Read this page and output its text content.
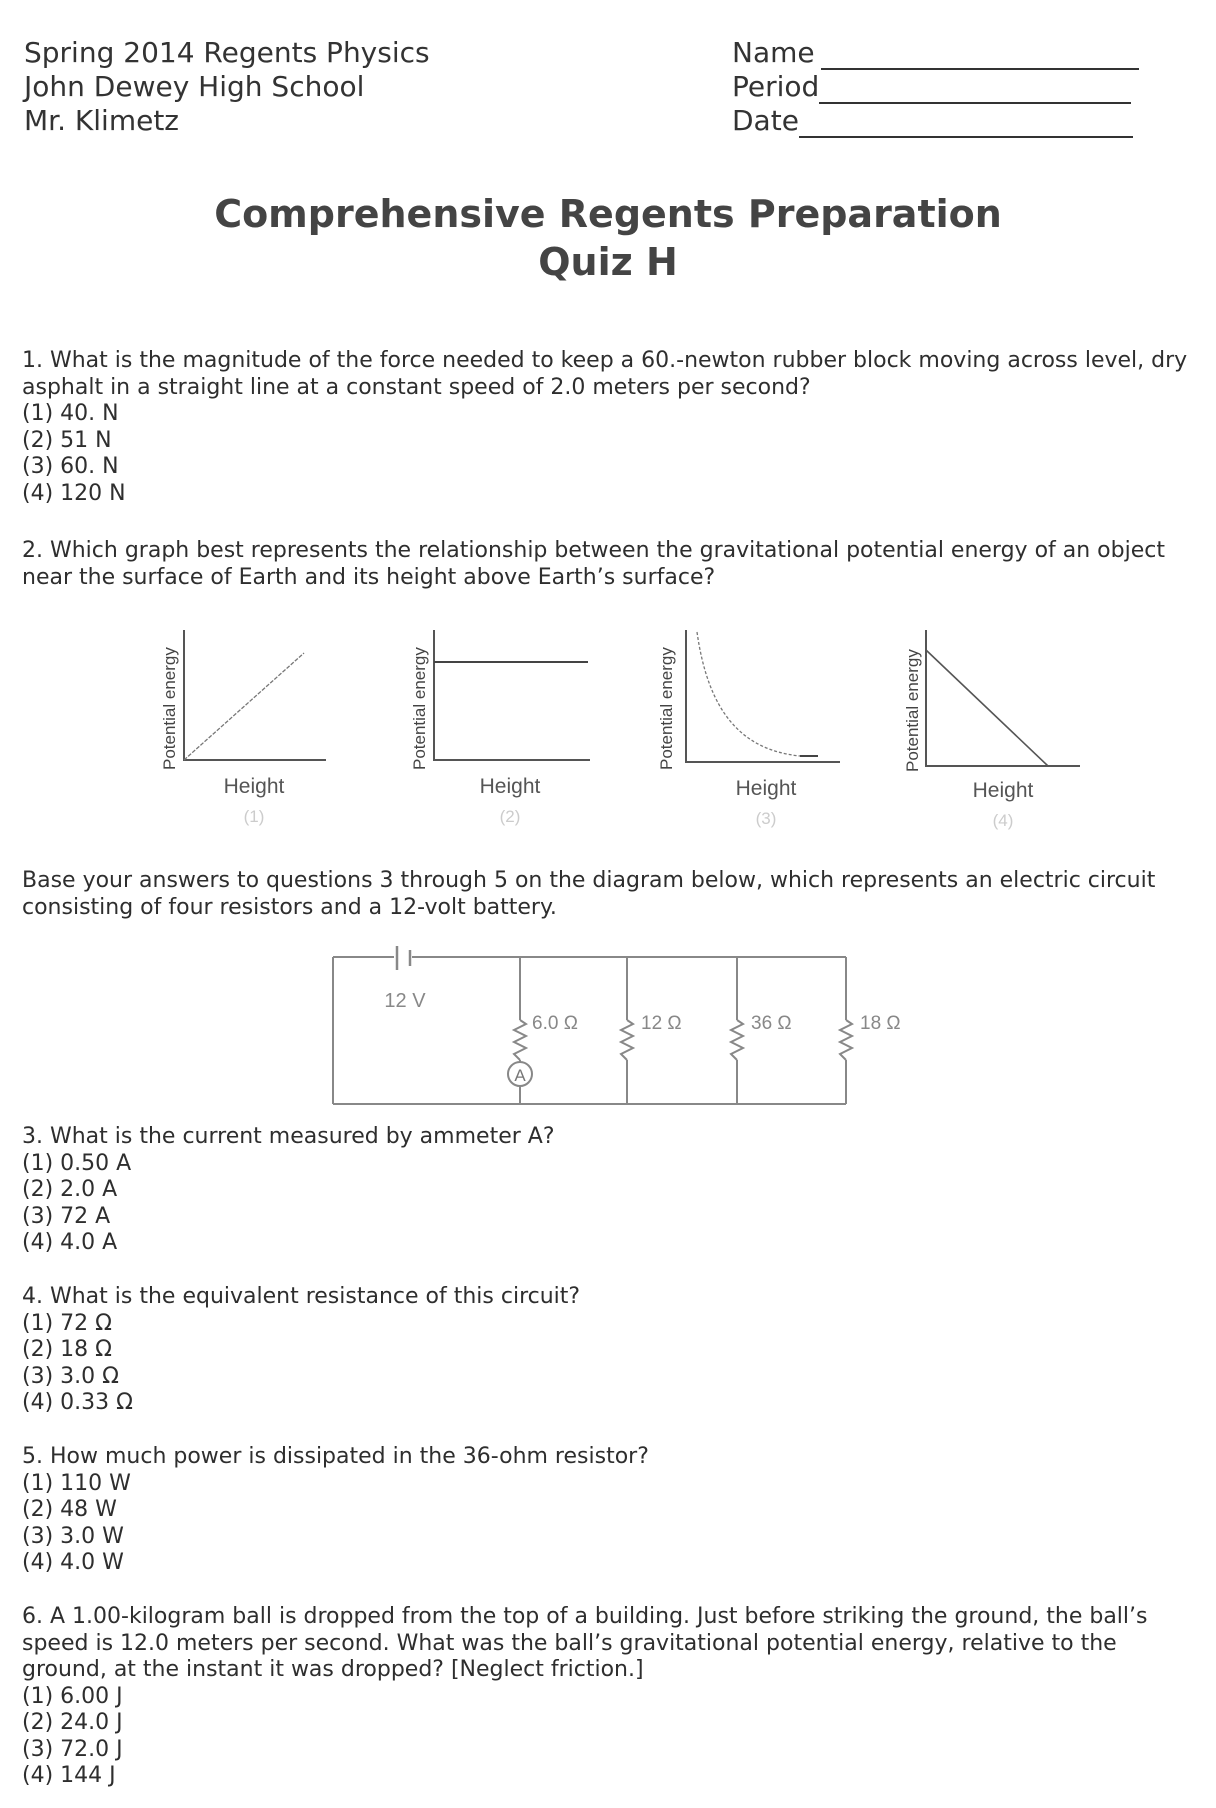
Spring 2014 Regents Physics
John Dewey High School
Mr. Klimetz
Name
Period
Date
Comprehensive Regents Preparation
Quiz H

1. What is the magnitude of the force needed to keep a 60.-newton rubber block moving across level, dry asphalt in a straight line at a constant speed of 2.0 meters per second?

(1) 40. N
(2) 51 N
(3) 60. N
(4) 120 N

2. Which graph best represents the relationship between the gravitational potential energy of an object near the surface of Earth and its height above Earth’s surface?

Potential energy
Height
(1)
Potential energy
Height
(2)
Potential energy
Height
(3)
Potential energy
Height
(4)

Base your answers to questions 3 through 5 on the diagram below, which represents an electric circuit consisting of four resistors and a 12-volt battery.

12 V
6.0 Ω	12 Ω	36 Ω	18 Ω
A

3. What is the current measured by ammeter A?

(1) 0.50 A
(2) 2.0 A
(3) 72 A
(4) 4.0 A

4. What is the equivalent resistance of this circuit?

(1) 72 Ω
(2) 18 Ω
(3) 3.0 Ω
(4) 0.33 Ω

5. How much power is dissipated in the 36-ohm resistor?

(1) 110 W
(2) 48 W
(3) 3.0 W
(4) 4.0 W

6. A 1.00-kilogram ball is dropped from the top of a building. Just before striking the ground, the ball’s speed is 12.0 meters per second. What was the ball’s gravitational potential energy, relative to the ground, at the instant it was dropped? [Neglect friction.]

(1) 6.00 J
(2) 24.0 J
(3) 72.0 J
(4) 144 J
